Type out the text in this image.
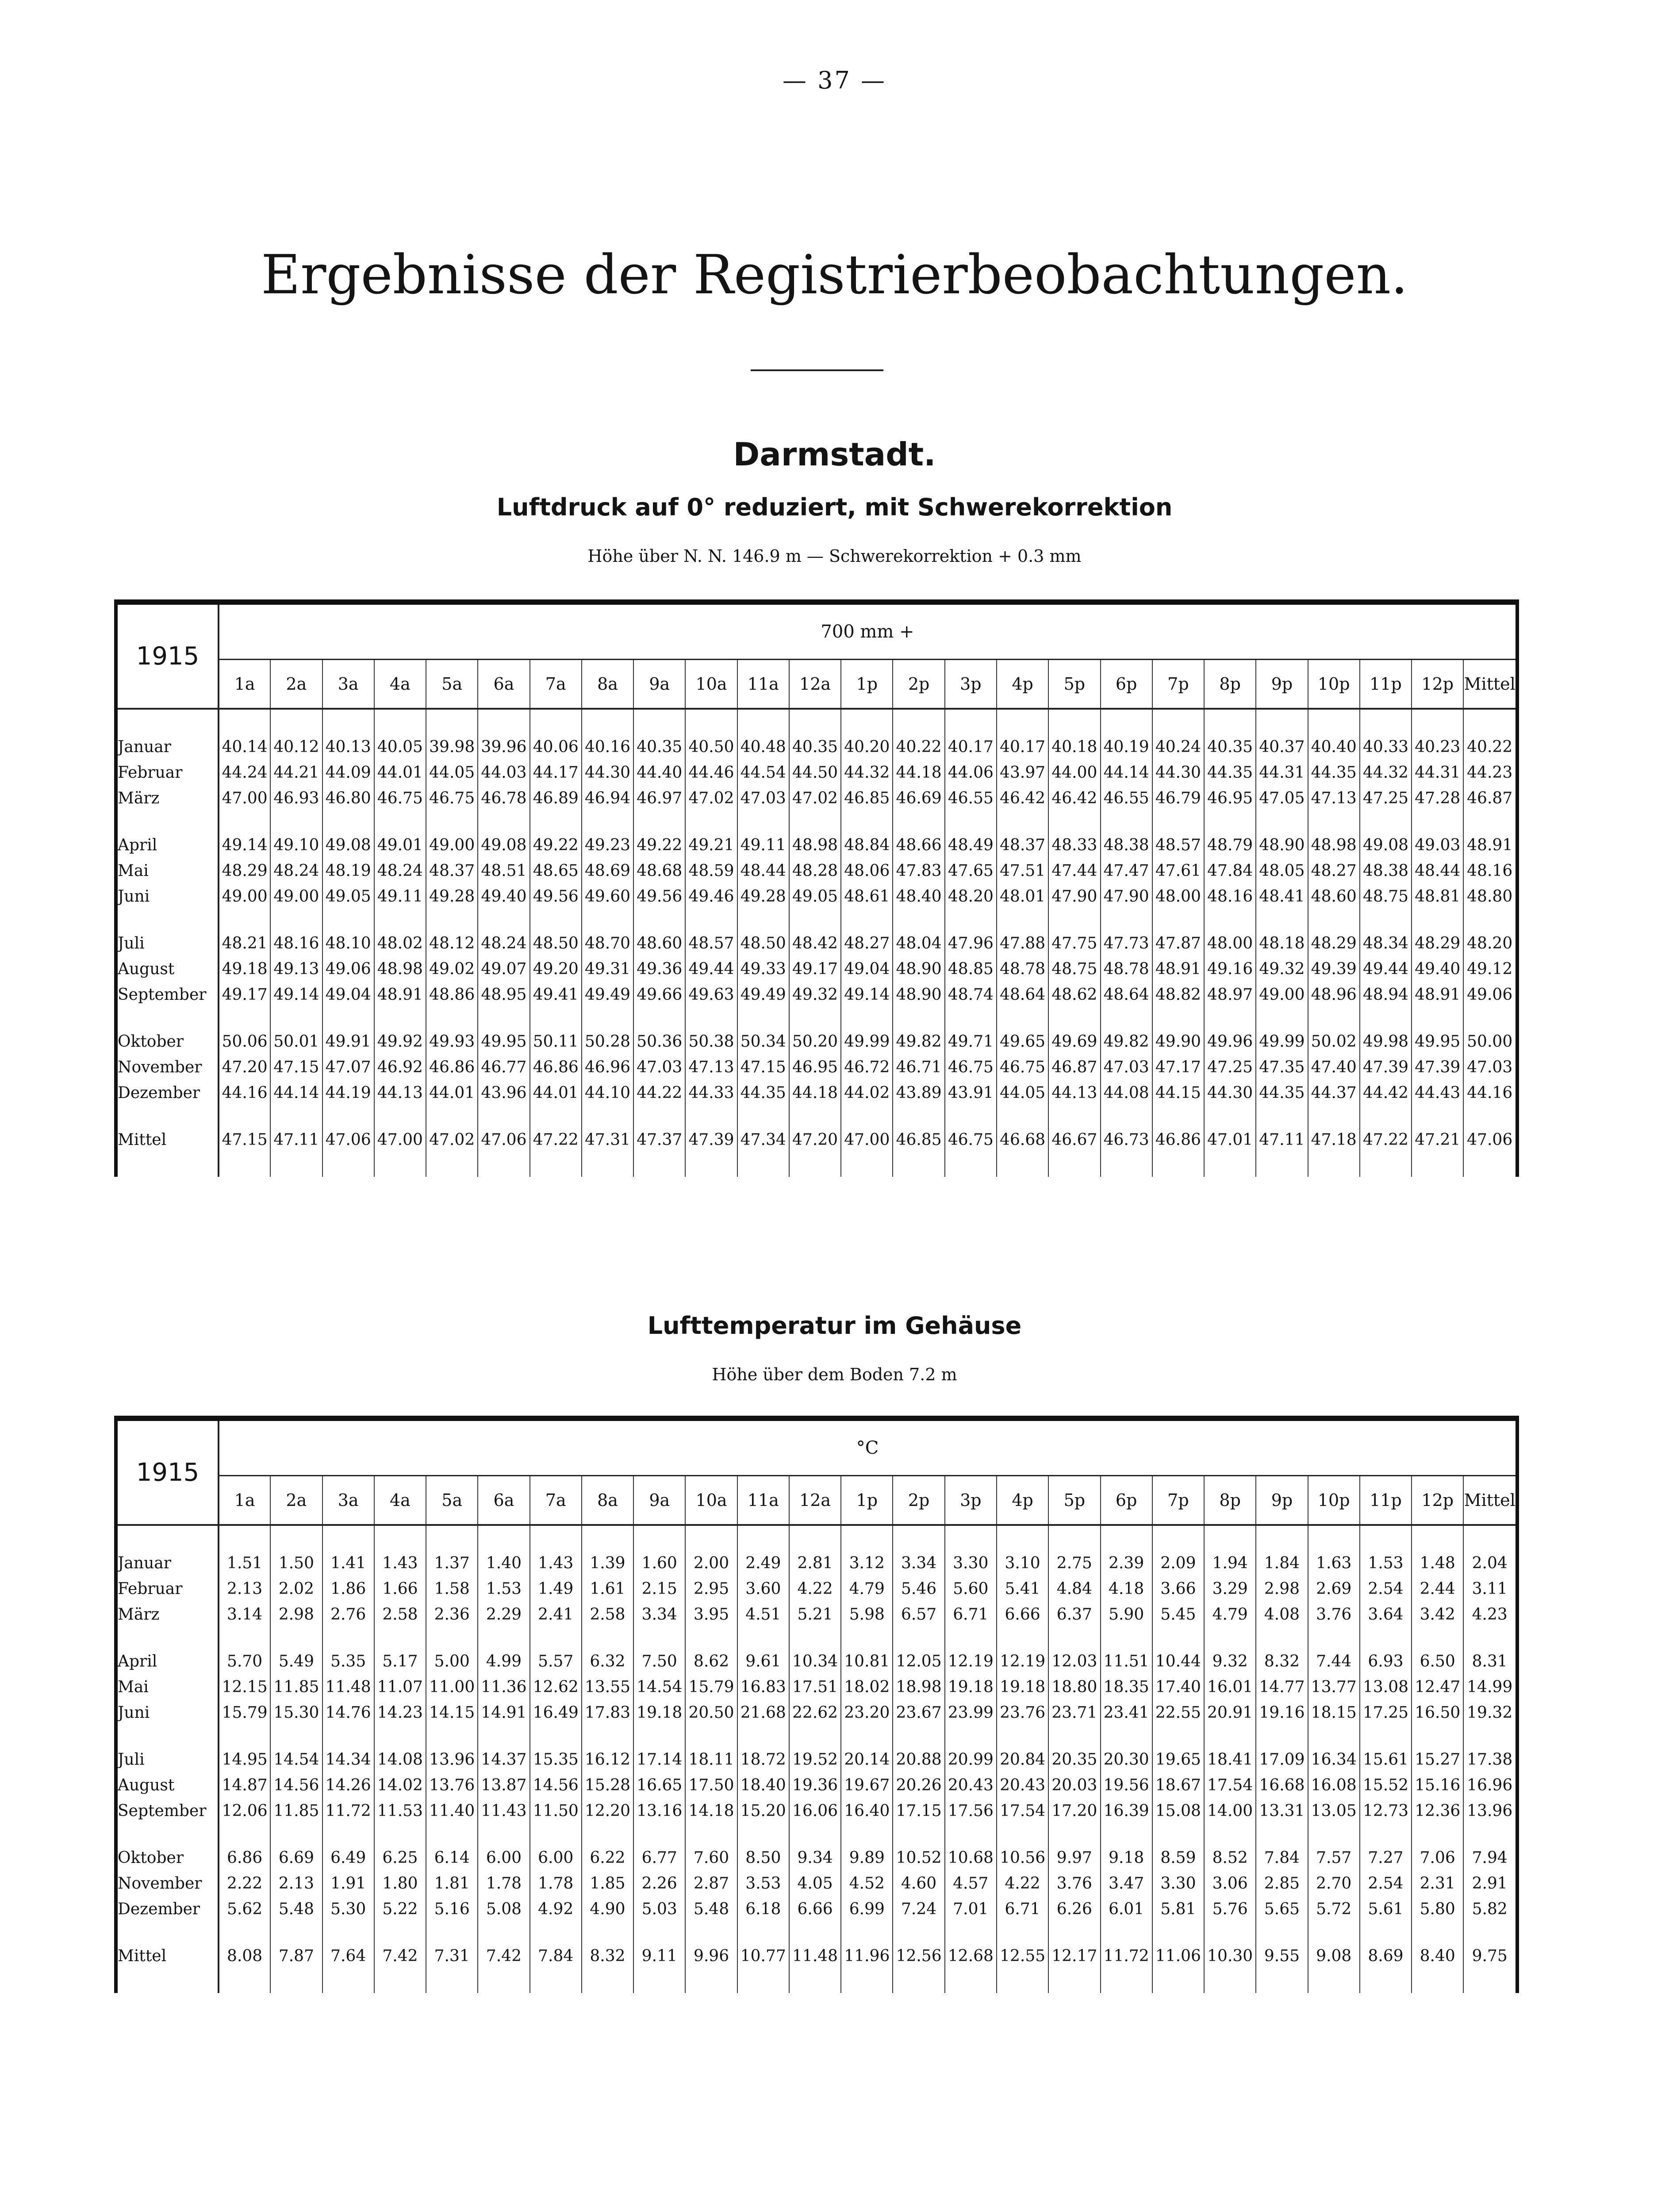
— 37 —
Ergebnisse der Registrierbeobachtungen.
Darmstadt.
Luftdruck auf 0° reduziert, mit Schwerekorrektion
Höhe über N. N. 146.9 m — Schwerekorrektion + 0.3 mm
1915	700 mm +																								
	1a	2a	3a	4a	5a	6a	7a	8a	9a	10a	11a	12a	1p	2p	3p	4p	5p	6p	7p	8p	9p	10p	11p	12p	Mittel

Januar	40.14	40.12	40.13	40.05	39.98	39.96	40.06	40.16	40.35	40.50	40.48	40.35	40.20	40.22	40.17	40.17	40.18	40.19	40.24	40.35	40.37	40.40	40.33	40.23	40.22
Februar	44.24	44.21	44.09	44.01	44.05	44.03	44.17	44.30	44.40	44.46	44.54	44.50	44.32	44.18	44.06	43.97	44.00	44.14	44.30	44.35	44.31	44.35	44.32	44.31	44.23
März	47.00	46.93	46.80	46.75	46.75	46.78	46.89	46.94	46.97	47.02	47.03	47.02	46.85	46.69	46.55	46.42	46.42	46.55	46.79	46.95	47.05	47.13	47.25	47.28	46.87

April	49.14	49.10	49.08	49.01	49.00	49.08	49.22	49.23	49.22	49.21	49.11	48.98	48.84	48.66	48.49	48.37	48.33	48.38	48.57	48.79	48.90	48.98	49.08	49.03	48.91
Mai	48.29	48.24	48.19	48.24	48.37	48.51	48.65	48.69	48.68	48.59	48.44	48.28	48.06	47.83	47.65	47.51	47.44	47.47	47.61	47.84	48.05	48.27	48.38	48.44	48.16
Juni	49.00	49.00	49.05	49.11	49.28	49.40	49.56	49.60	49.56	49.46	49.28	49.05	48.61	48.40	48.20	48.01	47.90	47.90	48.00	48.16	48.41	48.60	48.75	48.81	48.80

Juli	48.21	48.16	48.10	48.02	48.12	48.24	48.50	48.70	48.60	48.57	48.50	48.42	48.27	48.04	47.96	47.88	47.75	47.73	47.87	48.00	48.18	48.29	48.34	48.29	48.20
August	49.18	49.13	49.06	48.98	49.02	49.07	49.20	49.31	49.36	49.44	49.33	49.17	49.04	48.90	48.85	48.78	48.75	48.78	48.91	49.16	49.32	49.39	49.44	49.40	49.12
September	49.17	49.14	49.04	48.91	48.86	48.95	49.41	49.49	49.66	49.63	49.49	49.32	49.14	48.90	48.74	48.64	48.62	48.64	48.82	48.97	49.00	48.96	48.94	48.91	49.06

Oktober	50.06	50.01	49.91	49.92	49.93	49.95	50.11	50.28	50.36	50.38	50.34	50.20	49.99	49.82	49.71	49.65	49.69	49.82	49.90	49.96	49.99	50.02	49.98	49.95	50.00
November	47.20	47.15	47.07	46.92	46.86	46.77	46.86	46.96	47.03	47.13	47.15	46.95	46.72	46.71	46.75	46.75	46.87	47.03	47.17	47.25	47.35	47.40	47.39	47.39	47.03
Dezember	44.16	44.14	44.19	44.13	44.01	43.96	44.01	44.10	44.22	44.33	44.35	44.18	44.02	43.89	43.91	44.05	44.13	44.08	44.15	44.30	44.35	44.37	44.42	44.43	44.16

Mittel	47.15	47.11	47.06	47.00	47.02	47.06	47.22	47.31	47.37	47.39	47.34	47.20	47.00	46.85	46.75	46.68	46.67	46.73	46.86	47.01	47.11	47.18	47.22	47.21	47.06

Lufttemperatur im Gehäuse
Höhe über dem Boden 7.2 m
1915	°C																								
	1a	2a	3a	4a	5a	6a	7a	8a	9a	10a	11a	12a	1p	2p	3p	4p	5p	6p	7p	8p	9p	10p	11p	12p	Mittel

Januar	1.51	1.50	1.41	1.43	1.37	1.40	1.43	1.39	1.60	2.00	2.49	2.81	3.12	3.34	3.30	3.10	2.75	2.39	2.09	1.94	1.84	1.63	1.53	1.48	2.04
Februar	2.13	2.02	1.86	1.66	1.58	1.53	1.49	1.61	2.15	2.95	3.60	4.22	4.79	5.46	5.60	5.41	4.84	4.18	3.66	3.29	2.98	2.69	2.54	2.44	3.11
März	3.14	2.98	2.76	2.58	2.36	2.29	2.41	2.58	3.34	3.95	4.51	5.21	5.98	6.57	6.71	6.66	6.37	5.90	5.45	4.79	4.08	3.76	3.64	3.42	4.23

April	5.70	5.49	5.35	5.17	5.00	4.99	5.57	6.32	7.50	8.62	9.61	10.34	10.81	12.05	12.19	12.19	12.03	11.51	10.44	9.32	8.32	7.44	6.93	6.50	8.31
Mai	12.15	11.85	11.48	11.07	11.00	11.36	12.62	13.55	14.54	15.79	16.83	17.51	18.02	18.98	19.18	19.18	18.80	18.35	17.40	16.01	14.77	13.77	13.08	12.47	14.99
Juni	15.79	15.30	14.76	14.23	14.15	14.91	16.49	17.83	19.18	20.50	21.68	22.62	23.20	23.67	23.99	23.76	23.71	23.41	22.55	20.91	19.16	18.15	17.25	16.50	19.32

Juli	14.95	14.54	14.34	14.08	13.96	14.37	15.35	16.12	17.14	18.11	18.72	19.52	20.14	20.88	20.99	20.84	20.35	20.30	19.65	18.41	17.09	16.34	15.61	15.27	17.38
August	14.87	14.56	14.26	14.02	13.76	13.87	14.56	15.28	16.65	17.50	18.40	19.36	19.67	20.26	20.43	20.43	20.03	19.56	18.67	17.54	16.68	16.08	15.52	15.16	16.96
September	12.06	11.85	11.72	11.53	11.40	11.43	11.50	12.20	13.16	14.18	15.20	16.06	16.40	17.15	17.56	17.54	17.20	16.39	15.08	14.00	13.31	13.05	12.73	12.36	13.96

Oktober	6.86	6.69	6.49	6.25	6.14	6.00	6.00	6.22	6.77	7.60	8.50	9.34	9.89	10.52	10.68	10.56	9.97	9.18	8.59	8.52	7.84	7.57	7.27	7.06	7.94
November	2.22	2.13	1.91	1.80	1.81	1.78	1.78	1.85	2.26	2.87	3.53	4.05	4.52	4.60	4.57	4.22	3.76	3.47	3.30	3.06	2.85	2.70	2.54	2.31	2.91
Dezember	5.62	5.48	5.30	5.22	5.16	5.08	4.92	4.90	5.03	5.48	6.18	6.66	6.99	7.24	7.01	6.71	6.26	6.01	5.81	5.76	5.65	5.72	5.61	5.80	5.82

Mittel	8.08	7.87	7.64	7.42	7.31	7.42	7.84	8.32	9.11	9.96	10.77	11.48	11.96	12.56	12.68	12.55	12.17	11.72	11.06	10.30	9.55	9.08	8.69	8.40	9.75
